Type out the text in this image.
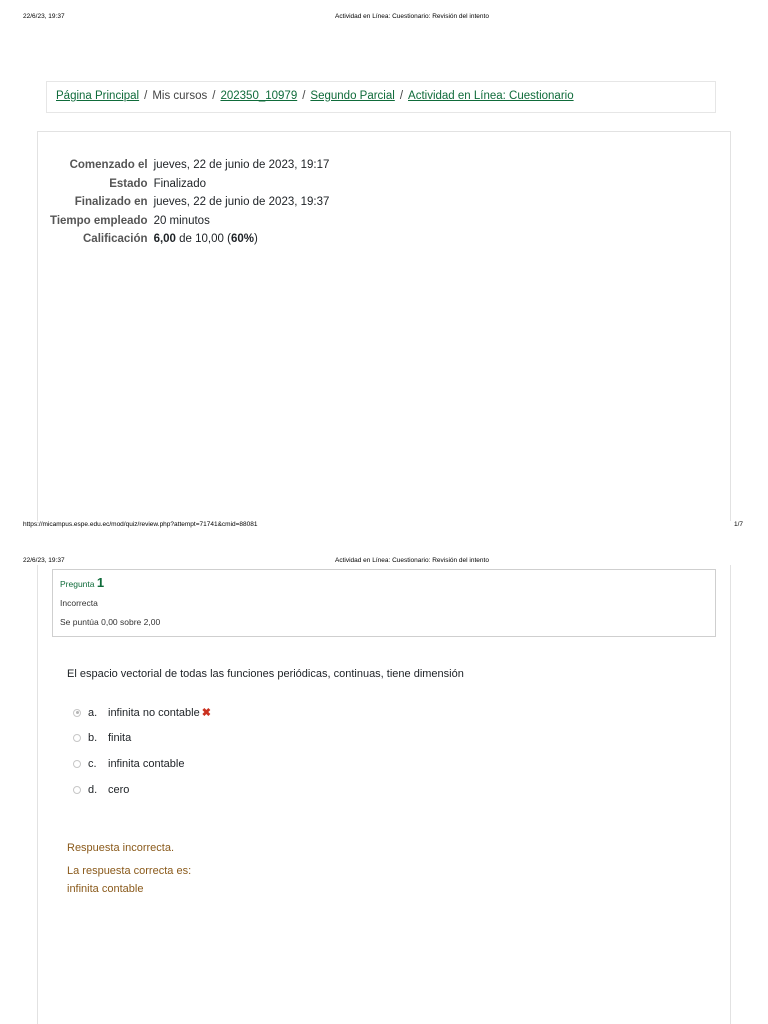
22/6/23, 19:37	Actividad en Línea: Cuestionario: Revisión del intento
Página Principal / Mis cursos / 202350_10979 / Segundo Parcial / Actividad en Línea: Cuestionario
Comenzado el	jueves, 22 de junio de 2023, 19:17
Estado	Finalizado
Finalizado en	jueves, 22 de junio de 2023, 19:37
Tiempo empleado	20 minutos
Calificación	6,00 de 10,00 (60%)
https://micampus.espe.edu.ec/mod/quiz/review.php?attempt=71741&cmid=88081	1/7
22/6/23, 19:37	Actividad en Línea: Cuestionario: Revisión del intento
Pregunta 1
Incorrecta
Se puntúa 0,00 sobre 2,00
El espacio vectorial de todas las funciones periódicas, continuas, tiene dimensión
a. infinita no contable ✖
b. finita
c.	infinita contable
d. cero
Respuesta incorrecta.
La respuesta correcta es:
infinita contable
